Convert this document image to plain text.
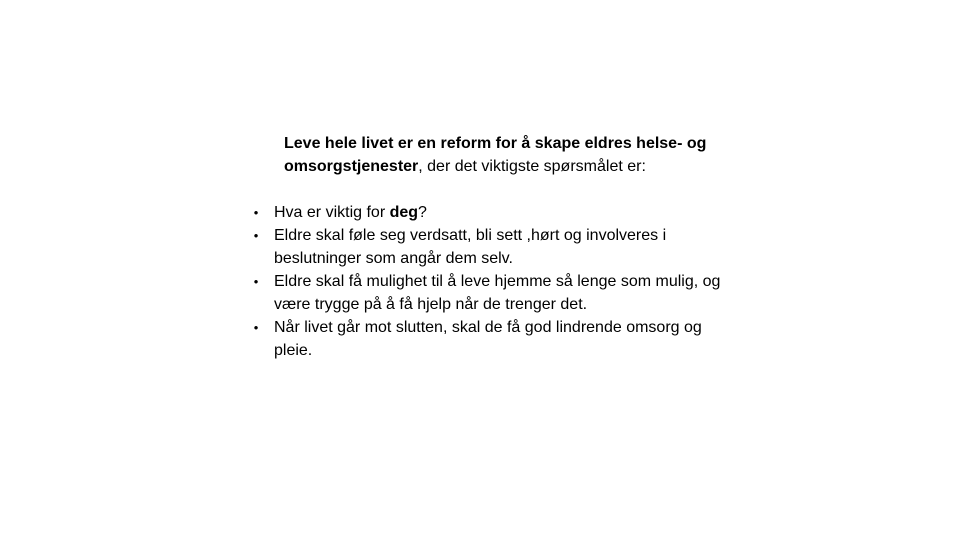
Leve hele livet er en reform for å skape eldres helse- og omsorgstjenester, der det viktigste spørsmålet er:
• Hva er viktig for deg?
• Eldre skal føle seg verdsatt, bli sett ,hørt og involveres i beslutninger som angår dem selv.
• Eldre skal få mulighet til å leve hjemme så lenge som mulig, og være trygge på å få hjelp når de trenger det.
• Når livet går mot slutten, skal de få god lindrende omsorg og pleie.
